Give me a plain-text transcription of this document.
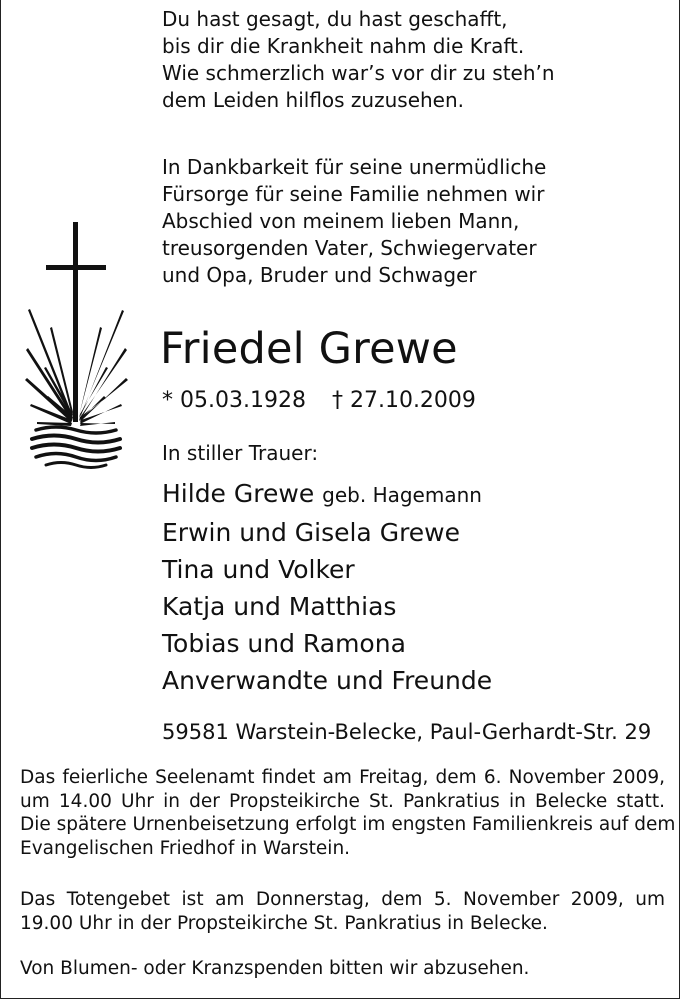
Du hast gesagt, du hast geschafft,
bis dir die Krankheit nahm die Kraft.
Wie schmerzlich war’s vor dir zu steh’n
dem Leiden hilflos zuzusehen.
In Dankbarkeit für seine unermüdliche
Fürsorge für seine Familie nehmen wir
Abschied von meinem lieben Mann,
treusorgenden Vater, Schwiegervater
und Opa, Bruder und Schwager
Friedel Grewe
* 05.03.1928 † 27.10.2009
In stiller Trauer:
Hilde Grewe geb. Hagemann
Erwin und Gisela Grewe
Tina und Volker
Katja und Matthias
Tobias und Ramona
Anverwandte und Freunde
59581 Warstein-Belecke, Paul-Gerhardt-Str. 29
Das feierliche Seelenamt findet am Freitag, dem 6. November 2009,
um 14.00 Uhr in der Propsteikirche St. Pankratius in Belecke statt.
Die spätere Urnenbeisetzung erfolgt im engsten Familienkreis auf dem
Evangelischen Friedhof in Warstein.
Das Totengebet ist am Donnerstag, dem 5. November 2009, um
19.00 Uhr in der Propsteikirche St. Pankratius in Belecke.
Von Blumen- oder Kranzspenden bitten wir abzusehen.
